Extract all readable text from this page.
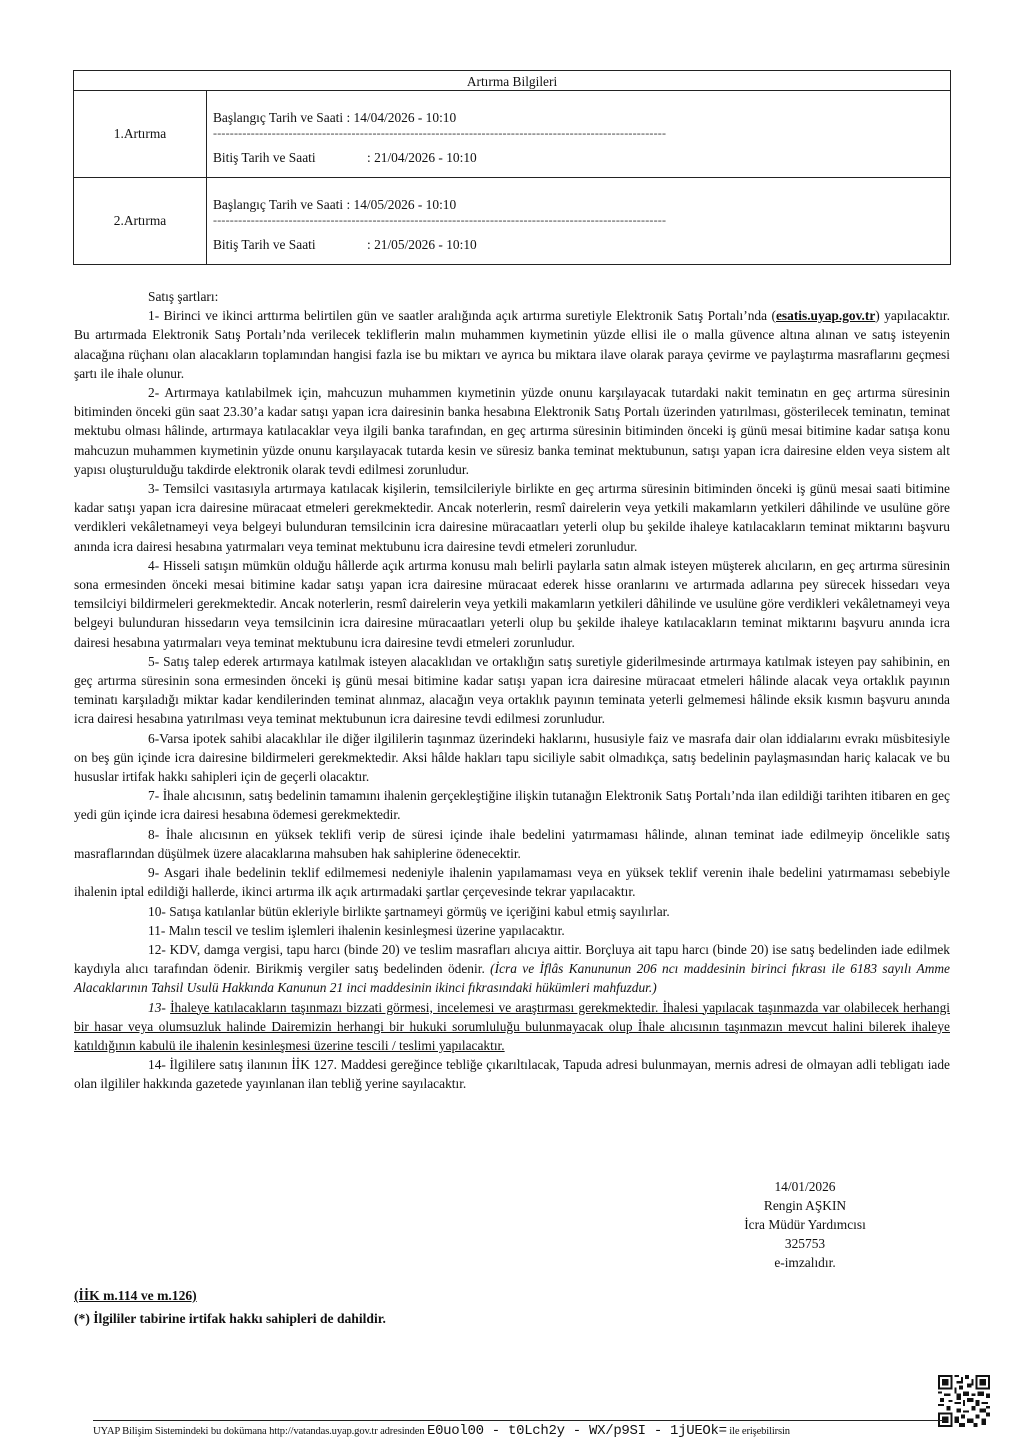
Artırma Bilgileri	
1.Artırma	Başlangıç Tarih ve Saati : 14/04/2026 - 10:10
------------------------------------------------------------------------------------------------------------
Bitiş Tarih ve Saati : 21/04/2026 - 10:10

2.Artırma	Başlangıç Tarih ve Saati : 14/05/2026 - 10:10
------------------------------------------------------------------------------------------------------------
Bitiş Tarih ve Saati : 21/05/2026 - 10:10

Satış şartları:

1- Birinci ve ikinci arttırma belirtilen gün ve saatler aralığında açık artırma suretiyle Elektronik Satış Portalı’nda (esatis.uyap.gov.tr) yapılacaktır. Bu artırmada Elektronik Satış Portalı’nda verilecek tekliflerin malın muhammen kıymetinin yüzde ellisi ile o malla güvence altına alınan ve satış isteyenin alacağına rüçhanı olan alacakların toplamından hangisi fazla ise bu miktarı ve ayrıca bu miktara ilave olarak paraya çevirme ve paylaştırma masraflarını geçmesi şartı ile ihale olunur.

2- Artırmaya katılabilmek için, mahcuzun muhammen kıymetinin yüzde onunu karşılayacak tutardaki nakit teminatın en geç artırma süresinin bitiminden önceki gün saat 23.30’a kadar satışı yapan icra dairesinin banka hesabına Elektronik Satış Portalı üzerinden yatırılması, gösterilecek teminatın, teminat mektubu olması hâlinde, artırmaya katılacaklar veya ilgili banka tarafından, en geç artırma süresinin bitiminden önceki iş günü mesai bitimine kadar satışa konu mahcuzun muhammen kıymetinin yüzde onunu karşılayacak tutarda kesin ve süresiz banka teminat mektubunun, satışı yapan icra dairesine elden veya sistem alt yapısı oluşturulduğu takdirde elektronik olarak tevdi edilmesi zorunludur.

3- Temsilci vasıtasıyla artırmaya katılacak kişilerin, temsilcileriyle birlikte en geç artırma süresinin bitiminden önceki iş günü mesai saati bitimine kadar satışı yapan icra dairesine müracaat etmeleri gerekmektedir. Ancak noterlerin, resmî dairelerin veya yetkili makamların yetkileri dâhilinde ve usulüne göre verdikleri vekâletnameyi veya belgeyi bulunduran temsilcinin icra dairesine müracaatları yeterli olup bu şekilde ihaleye katılacakların teminat miktarını başvuru anında icra dairesi hesabına yatırmaları veya teminat mektubunu icra dairesine tevdi etmeleri zorunludur.

4- Hisseli satışın mümkün olduğu hâllerde açık artırma konusu malı belirli paylarla satın almak isteyen müşterek alıcıların, en geç artırma süresinin sona ermesinden önceki mesai bitimine kadar satışı yapan icra dairesine müracaat ederek hisse oranlarını ve artırmada adlarına pey sürecek hissedarı veya temsilciyi bildirmeleri gerekmektedir. Ancak noterlerin, resmî dairelerin veya yetkili makamların yetkileri dâhilinde ve usulüne göre verdikleri vekâletnameyi veya belgeyi bulunduran hissedarın veya temsilcinin icra dairesine müracaatları yeterli olup bu şekilde ihaleye katılacakların teminat miktarını başvuru anında icra dairesi hesabına yatırmaları veya teminat mektubunu icra dairesine tevdi etmeleri zorunludur.

5- Satış talep ederek artırmaya katılmak isteyen alacaklıdan ve ortaklığın satış suretiyle giderilmesinde artırmaya katılmak isteyen pay sahibinin, en geç artırma süresinin sona ermesinden önceki iş günü mesai bitimine kadar satışı yapan icra dairesine müracaat etmeleri hâlinde alacak veya ortaklık payının teminatı karşıladığı miktar kadar kendilerinden teminat alınmaz, alacağın veya ortaklık payının teminata yeterli gelmemesi hâlinde eksik kısmın başvuru anında icra dairesi hesabına yatırılması veya teminat mektubunun icra dairesine tevdi edilmesi zorunludur.

6-Varsa ipotek sahibi alacaklılar ile diğer ilgililerin taşınmaz üzerindeki haklarını, hususiyle faiz ve masrafa dair olan iddialarını evrakı müsbitesiyle on beş gün içinde icra dairesine bildirmeleri gerekmektedir. Aksi hâlde hakları tapu siciliyle sabit olmadıkça, satış bedelinin paylaşmasından hariç kalacak ve bu hususlar irtifak hakkı sahipleri için de geçerli olacaktır.

7- İhale alıcısının, satış bedelinin tamamını ihalenin gerçekleştiğine ilişkin tutanağın Elektronik Satış Portalı’nda ilan edildiği tarihten itibaren en geç yedi gün içinde icra dairesi hesabına ödemesi gerekmektedir.

8- İhale alıcısının en yüksek teklifi verip de süresi içinde ihale bedelini yatırmaması hâlinde, alınan teminat iade edilmeyip öncelikle satış masraflarından düşülmek üzere alacaklarına mahsuben hak sahiplerine ödenecektir.

9- Asgari ihale bedelinin teklif edilmemesi nedeniyle ihalenin yapılamaması veya en yüksek teklif verenin ihale bedelini yatırmaması sebebiyle ihalenin iptal edildiği hallerde, ikinci artırma ilk açık artırmadaki şartlar çerçevesinde tekrar yapılacaktır.

10- Satışa katılanlar bütün ekleriyle birlikte şartnameyi görmüş ve içeriğini kabul etmiş sayılırlar.

11- Malın tescil ve teslim işlemleri ihalenin kesinleşmesi üzerine yapılacaktır.

12- KDV, damga vergisi, tapu harcı (binde 20) ve teslim masrafları alıcıya aittir. Borçluya ait tapu harcı (binde 20) ise satış bedelinden iade edilmek kaydıyla alıcı tarafından ödenir. Birikmiş vergiler satış bedelinden ödenir. (İcra ve İflâs Kanununun 206 ncı maddesinin birinci fıkrası ile 6183 sayılı Amme Alacaklarının Tahsil Usulü Hakkında Kanunun 21 inci maddesinin ikinci fıkrasındaki hükümleri mahfuzdur.)

13- İhaleye katılacakların taşınmazı bizzati görmesi, incelemesi ve araştırması gerekmektedir. İhalesi yapılacak taşınmazda var olabilecek herhangi bir hasar veya olumsuzluk halinde Dairemizin herhangi bir hukuki sorumluluğu bulunmayacak olup İhale alıcısının taşınmazın mevcut halini bilerek ihaleye katıldığının kabulü ile ihalenin kesinleşmesi üzerine tescili / teslimi yapılacaktır.

14- İlgililere satış ilanının İİK 127. Maddesi gereğince tebliğe çıkarıltılacak, Tapuda adresi bulunmayan, mernis adresi de olmayan adli tebligatı iade olan ilgililer hakkında gazetede yayınlanan ilan tebliğ yerine sayılacaktır.

14/01/2026
Rengin AŞKIN
İcra Müdür Yardımcısı
325753
e-imzalıdır.
(İİK m.114 ve m.126)
(*) İlgililer tabirine irtifak hakkı sahipleri de dahildir.
UYAP Bilişim Sistemindeki bu dokümana http://vatandas.uyap.gov.tr adresinden E0uol00 - t0Lch2y - WX/p9SI - 1jUEOk= ile erişebilirsin
